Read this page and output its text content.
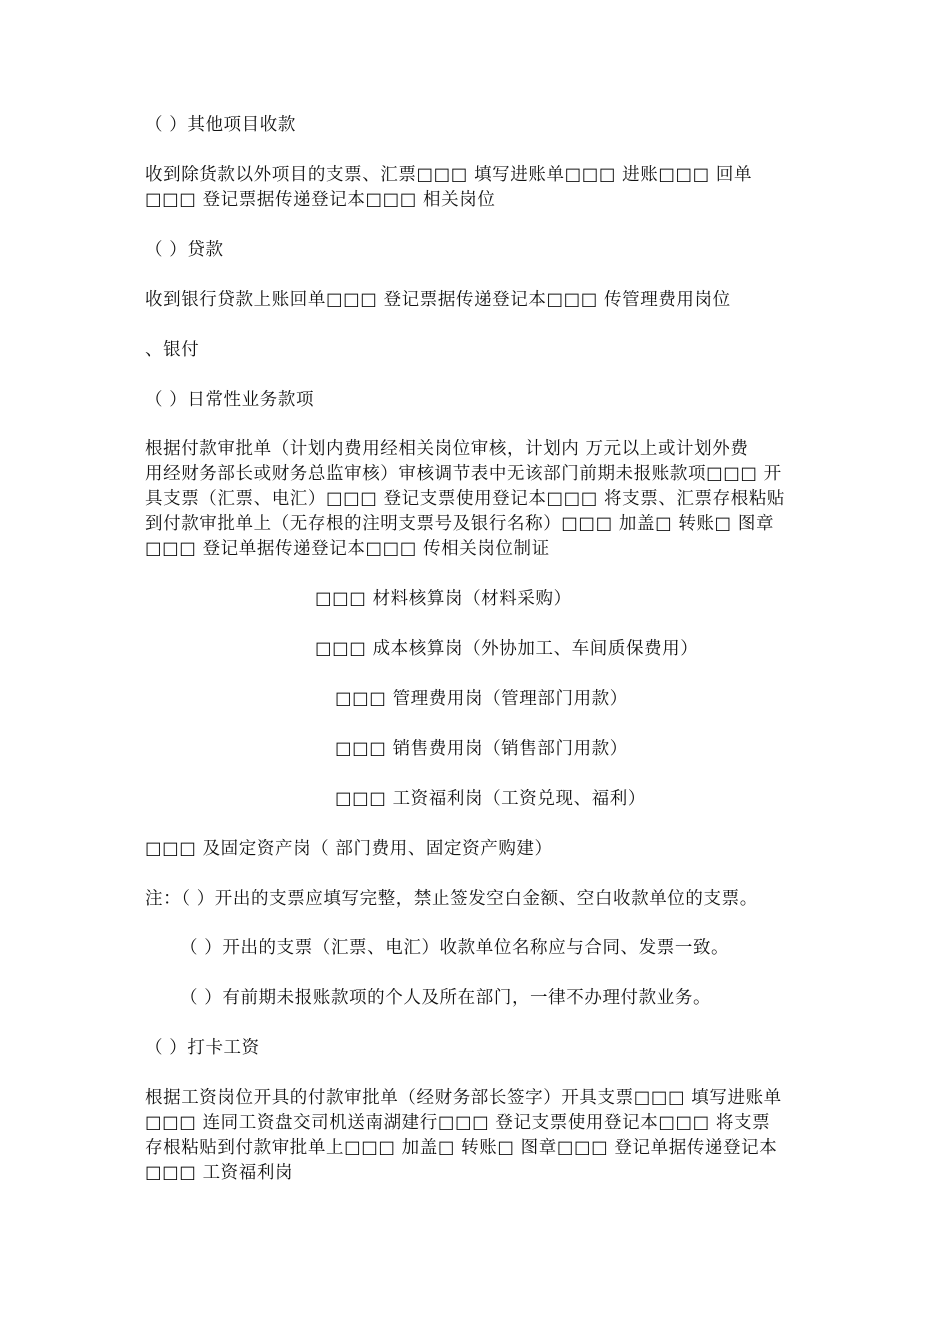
（ ）其他项目收款
收到除货款以外项目的支票、汇票□□□ 填写进账单□□□ 进账□□□ 回单
□□□ 登记票据传递登记本□□□ 相关岗位
（ ）贷款
收到银行贷款上账回单□□□ 登记票据传递登记本□□□ 传管理费用岗位
、银付
（ ）日常性业务款项
根据付款审批单（计划内费用经相关岗位审核，计划内 万元以上或计划外费
用经财务部长或财务总监审核）审核调节表中无该部门前期未报账款项□□□ 开
具支票（汇票、电汇）□□□ 登记支票使用登记本□□□ 将支票、汇票存根粘贴
到付款审批单上（无存根的注明支票号及银行名称）□□□ 加盖□ 转账□ 图章
□□□ 登记单据传递登记本□□□ 传相关岗位制证
□□□ 材料核算岗（材料采购）
□□□ 成本核算岗（外协加工、车间质保费用）
□□□ 管理费用岗（管理部门用款）
□□□ 销售费用岗（销售部门用款）
□□□ 工资福利岗（工资兑现、福利）
□□□ 及固定资产岗（ 部门费用、固定资产购建）
注：（ ）开出的支票应填写完整，禁止签发空白金额、空白收款单位的支票。
（ ）开出的支票（汇票、电汇）收款单位名称应与合同、发票一致。
（ ）有前期未报账款项的个人及所在部门，一律不办理付款业务。
（ ）打卡工资
根据工资岗位开具的付款审批单（经财务部长签字）开具支票□□□ 填写进账单
□□□ 连同工资盘交司机送南湖建行□□□ 登记支票使用登记本□□□ 将支票
存根粘贴到付款审批单上□□□ 加盖□ 转账□ 图章□□□ 登记单据传递登记本
□□□ 工资福利岗
